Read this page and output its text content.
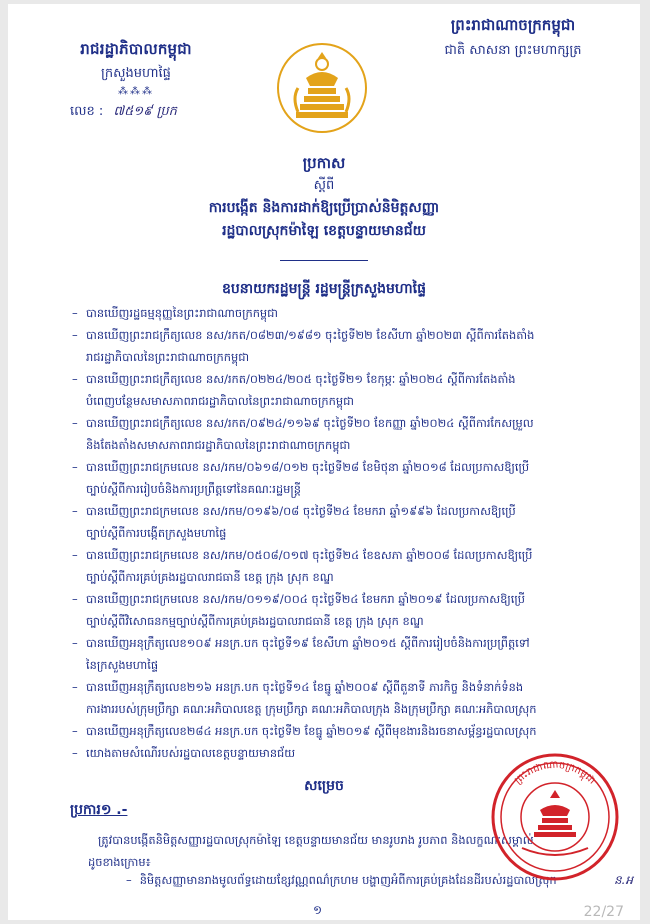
រាជរដ្ឋាភិបាលកម្ពុជា
ក្រសួងមហាផ្ទៃ
⁂⁂⁂
លេខ : ៧៥១៩ ប្រក
ព្រះរាជាណាចក្រកម្ពុជា
ជាតិ សាសនា ព្រះមហាក្សត្រ
ប្រកាស
ស្តីពី
ការបង្កើត និងការដាក់ឱ្យប្រើប្រាស់និមិត្តសញ្ញា
រដ្ឋបាលស្រុកម៉ាឡៃ ខេត្តបន្ទាយមានជ័យ
ឧបនាយករដ្ឋមន្ត្រី រដ្ឋមន្ត្រីក្រសួងមហាផ្ទៃ
– បានឃើញរដ្ឋធម្មនុញ្ញនៃព្រះរាជាណាចក្រកម្ពុជា
– បានឃើញព្រះរាជក្រឹត្យលេខ នស/រកត/០៨២៣/១៩៨១ ចុះថ្ងៃទី២២ ខែសីហា ឆ្នាំ២០២៣ ស្តីពីការតែងតាំង
រាជរដ្ឋាភិបាលនៃព្រះរាជាណាចក្រកម្ពុជា
– បានឃើញព្រះរាជក្រឹត្យលេខ នស/រកត/០២២៤/២០៥ ចុះថ្ងៃទី២១ ខែកុម្ភៈ ឆ្នាំ២០២៤ ស្តីពីការតែងតាំង
បំពេញបន្ថែមសមាសភាពរាជរដ្ឋាភិបាលនៃព្រះរាជាណាចក្រកម្ពុជា
– បានឃើញព្រះរាជក្រឹត្យលេខ នស/រកត/០៩២៤/១១៦៩ ចុះថ្ងៃទី២០ ខែកញ្ញា ឆ្នាំ២០២៤ ស្តីពីការកែសម្រួល
និងតែងតាំងសមាសភាពរាជរដ្ឋាភិបាលនៃព្រះរាជាណាចក្រកម្ពុជា
– បានឃើញព្រះរាជក្រមលេខ នស/រកម/០៦១៨/០១២ ចុះថ្ងៃទី២៨ ខែមិថុនា ឆ្នាំ២០១៨ ដែលប្រកាសឱ្យប្រើ
ច្បាប់ស្តីពីការរៀបចំនិងការប្រព្រឹត្តទៅនៃគណៈរដ្ឋមន្ត្រី
– បានឃើញព្រះរាជក្រមលេខ នស/រកម/០១៩៦/០៨ ចុះថ្ងៃទី២៤ ខែមករា ឆ្នាំ១៩៩៦ ដែលប្រកាសឱ្យប្រើ
ច្បាប់ស្តីពីការបង្កើតក្រសួងមហាផ្ទៃ
– បានឃើញព្រះរាជក្រមលេខ នស/រកម/០៥០៨/០១៧ ចុះថ្ងៃទី២៤ ខែឧសភា ឆ្នាំ២០០៨ ដែលប្រកាសឱ្យប្រើ
ច្បាប់ស្តីពីការគ្រប់គ្រងរដ្ឋបាលរាជធានី ខេត្ត ក្រុង ស្រុក ខណ្ឌ
– បានឃើញព្រះរាជក្រមលេខ នស/រកម/០១១៩/០០៤ ចុះថ្ងៃទី២៤ ខែមករា ឆ្នាំ២០១៩ ដែលប្រកាសឱ្យប្រើ
ច្បាប់ស្តីពីវិសោធនកម្មច្បាប់ស្តីពីការគ្រប់គ្រងរដ្ឋបាលរាជធានី ខេត្ត ក្រុង ស្រុក ខណ្ឌ
– បានឃើញអនុក្រឹត្យលេខ១០៩ អនក្រ.បក ចុះថ្ងៃទី១៩ ខែសីហា ឆ្នាំ២០១៥ ស្តីពីការរៀបចំនិងការប្រព្រឹត្តទៅ
នៃក្រសួងមហាផ្ទៃ
– បានឃើញអនុក្រឹត្យលេខ២១៦ អនក្រ.បក ចុះថ្ងៃទី១៤ ខែធ្នូ ឆ្នាំ២០០៩ ស្តីពីតួនាទី ភារកិច្ច និងទំនាក់ទំនង
ការងាររបស់ក្រុមប្រឹក្សា គណៈអភិបាលខេត្ត ក្រុមប្រឹក្សា គណៈអភិបាលក្រុង និងក្រុមប្រឹក្សា គណៈអភិបាលស្រុក
– បានឃើញអនុក្រឹត្យលេខ២៨៤ អនក្រ.បក ចុះថ្ងៃទី២ ខែធ្នូ ឆ្នាំ២០១៩ ស្តីពីមុខងារនិងរចនាសម្ព័ន្ធរដ្ឋបាលស្រុក
– យោងតាមសំណើរបស់រដ្ឋបាលខេត្តបន្ទាយមានជ័យ
សម្រេច
ប្រការ១ .-
ត្រូវបានបង្កើតនិមិត្តសញ្ញារដ្ឋបាលស្រុកម៉ាឡៃ ខេត្តបន្ទាយមានជ័យ មានរូបរាង រូបភាព និងលក្ខណៈសម្គាល់
ដូចខាងក្រោម៖
– និមិត្តសញ្ញាមានរាងមូលព័ទ្ធដោយខ្សែវណ្ណពណ៌ក្រហម បង្ហាញអំពីការគ្រប់គ្រងដែនដីរបស់រដ្ឋបាលស្រុក
ព្រះរាជាណាចក្រកម្ពុជា
ន.អ
១	22/27
